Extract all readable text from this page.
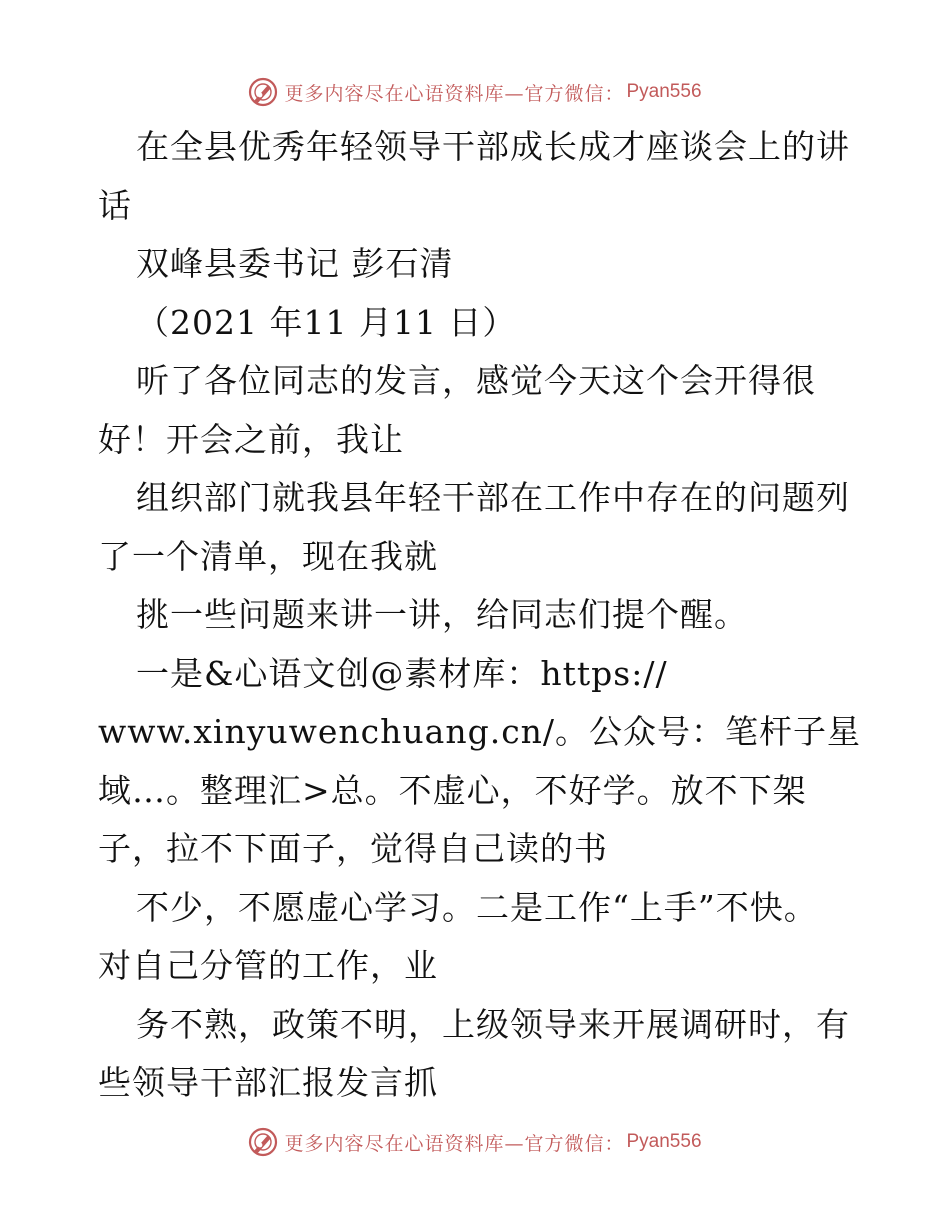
更多内容尽在心语资料库—官方微信： Pyan556
在全县优秀年轻领导干部成长成才座谈会上的讲
话
双峰县委书记 彭石清
（2021 年11 月11 日）
听了各位同志的发言，感觉今天这个会开得很
好！开会之前，我让
组织部门就我县年轻干部在工作中存在的问题列
了一个清单，现在我就
挑一些问题来讲一讲，给同志们提个醒。
一是&心语文创@素材库：https://
www.xinyuwenchuang.cn/。公众号：笔杆子星
域…。整理汇>总。不虚心，不好学。放不下架
子，拉不下面子，觉得自己读的书
不少，不愿虚心学习。二是工作“上手”不快。
对自己分管的工作，业
务不熟，政策不明，上级领导来开展调研时，有
些领导干部汇报发言抓
更多内容尽在心语资料库—官方微信： Pyan556
